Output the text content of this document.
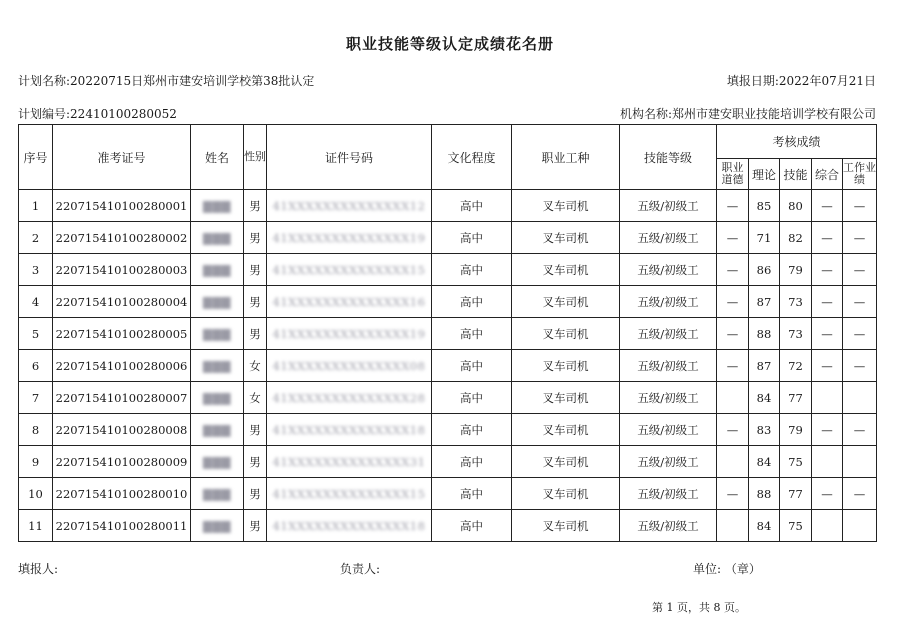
职业技能等级认定成绩花名册
计划名称:20220715日郑州市建安培训学校第38批认定	填报日期:2022年07月21日
计划编号:22410100280052	机构名称:郑州市建安职业技能培训学校有限公司
序号	准考证号	姓名	性别	证件号码	文化程度	职业工种	技能等级	考核成绩				
								职业道德	理论	技能	综合	工作业绩
1	220715410100280001	▇▇▇	男	41XXXXXXXXXXXXXX12	高中	叉车司机	五级/初级工	—	85	80	—	—
2	220715410100280002	▇▇▇	男	41XXXXXXXXXXXXXX19	高中	叉车司机	五级/初级工	—	71	82	—	—
3	220715410100280003	▇▇▇	男	41XXXXXXXXXXXXXX15	高中	叉车司机	五级/初级工	—	86	79	—	—
4	220715410100280004	▇▇▇	男	41XXXXXXXXXXXXXX16	高中	叉车司机	五级/初级工	—	87	73	—	—
5	220715410100280005	▇▇▇	男	41XXXXXXXXXXXXXX19	高中	叉车司机	五级/初级工	—	88	73	—	—
6	220715410100280006	▇▇▇	女	41XXXXXXXXXXXXXX08	高中	叉车司机	五级/初级工	—	87	72	—	—
7	220715410100280007	▇▇▇	女	41XXXXXXXXXXXXXX28	高中	叉车司机	五级/初级工		84	77		
8	220715410100280008	▇▇▇	男	41XXXXXXXXXXXXXX18	高中	叉车司机	五级/初级工	—	83	79	—	—
9	220715410100280009	▇▇▇	男	41XXXXXXXXXXXXXX31	高中	叉车司机	五级/初级工		84	75		
10	220715410100280010	▇▇▇	男	41XXXXXXXXXXXXXX15	高中	叉车司机	五级/初级工	—	88	77	—	—
11	220715410100280011	▇▇▇	男	41XXXXXXXXXXXXXX18	高中	叉车司机	五级/初级工		84	75		
填报人:	负责人:	单位: （章）
第 1 页，共 8 页。
